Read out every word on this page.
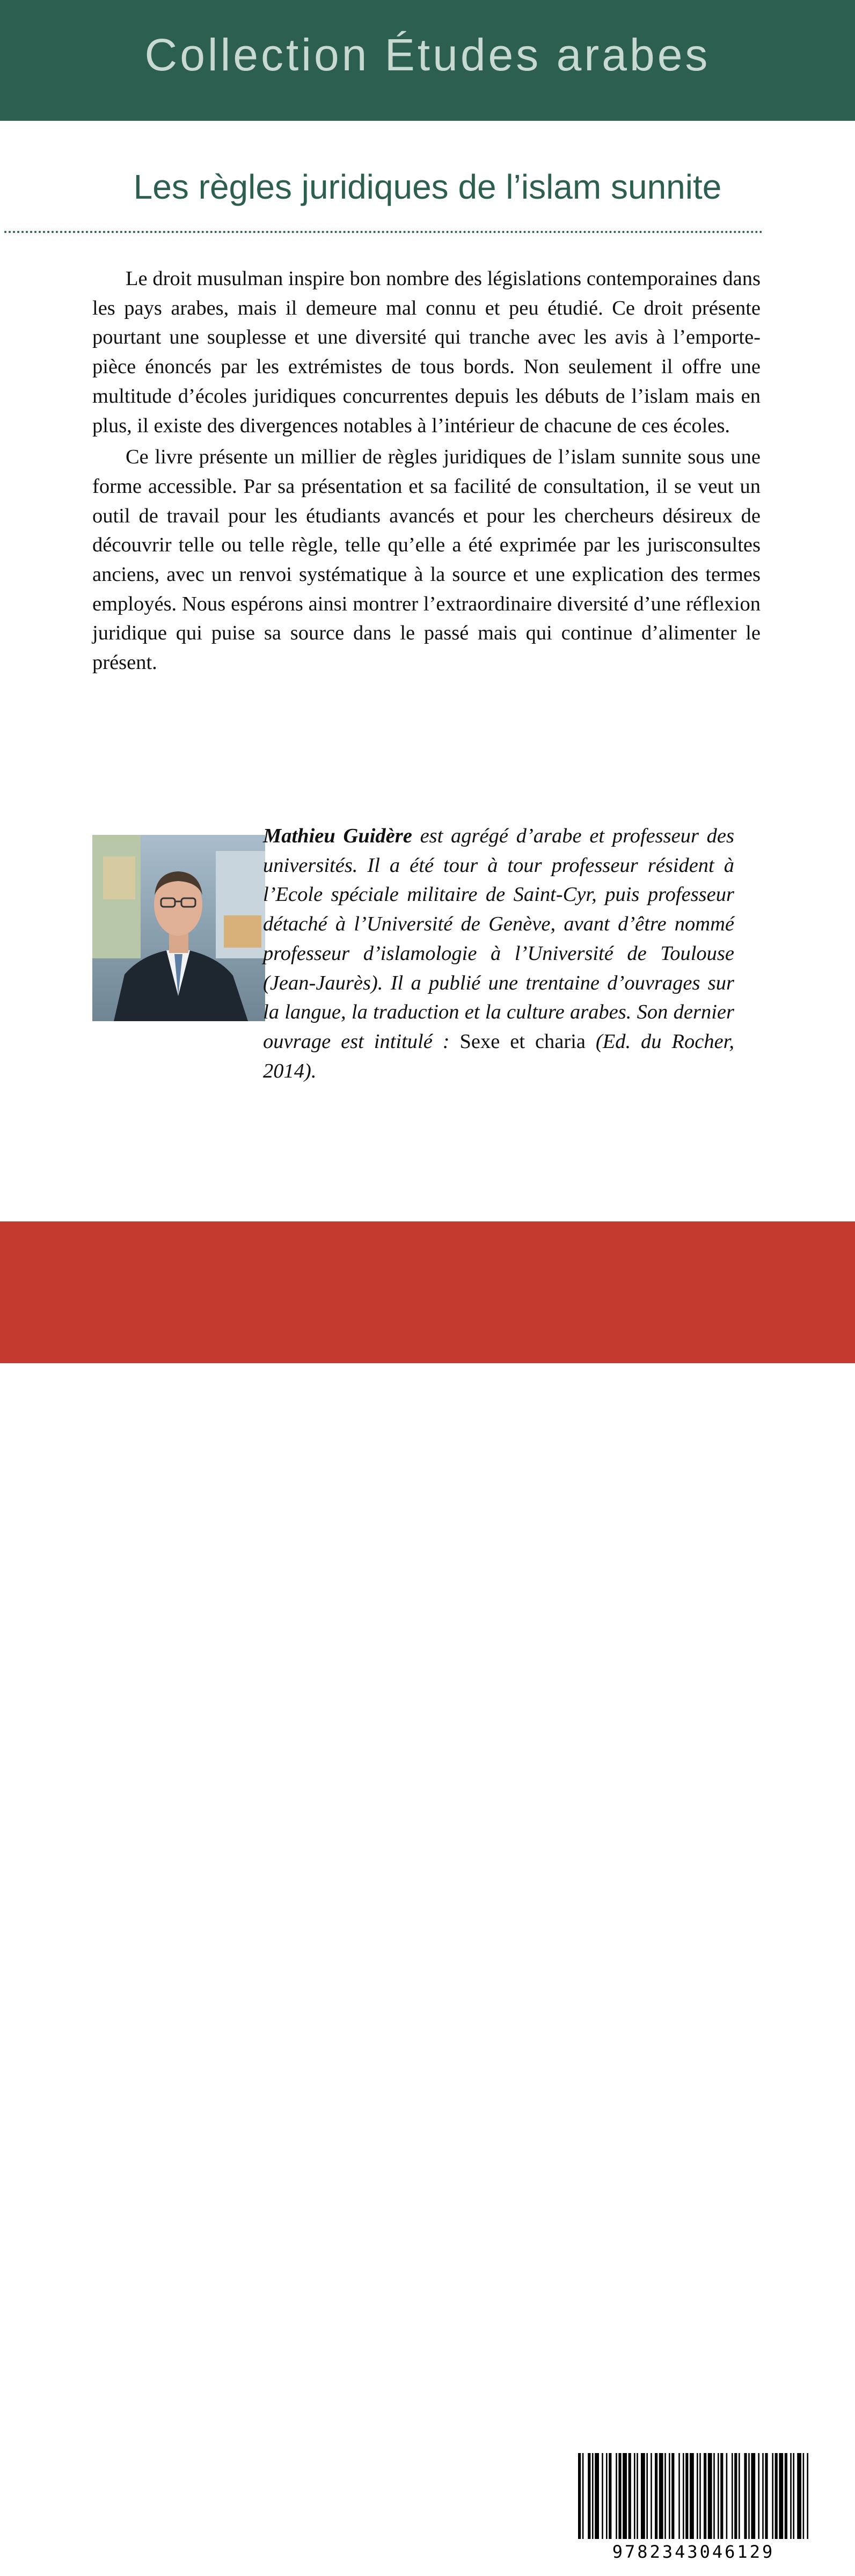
Collection Études arabes
Les règles juridiques de l’islam sunnite

Le droit musulman inspire bon nombre des législations contemporaines dans les pays arabes, mais il demeure mal connu et peu étudié. Ce droit présente pourtant une souplesse et une diversité qui tranche avec les avis à l’emporte-pièce énoncés par les extrémistes de tous bords. Non seulement il offre une multitude d’écoles juridiques concurrentes depuis les débuts de l’islam mais en plus, il existe des divergences notables à l’intérieur de chacune de ces écoles.

Ce livre présente un millier de règles juridiques de l’islam sunnite sous une forme accessible. Par sa présentation et sa facilité de consultation, il se veut un outil de travail pour les étudiants avancés et pour les chercheurs désireux de découvrir telle ou telle règle, telle qu’elle a été exprimée par les jurisconsultes anciens, avec un renvoi systématique à la source et une explication des termes employés. Nous espérons ainsi montrer l’extraordinaire diversité d’une réflexion juridique qui puise sa source dans le passé mais qui continue d’alimenter le présent.

Mathieu Guidère est agrégé d’arabe et professeur des universités. Il a été tour à tour professeur résident à l’Ecole spéciale militaire de Saint-Cyr, puis professeur détaché à l’Université de Genève, avant d’être nommé professeur d’islamologie à l’Université de Toulouse (Jean-Jaurès). Il a publié une trentaine d’ouvrages sur la langue, la traduction et la culture arabes. Son dernier ouvrage est intitulé : Sexe et charia (Ed. du Rocher, 2014).
ISBN : 978-2-343-04612-9
30 €
9782343046129
